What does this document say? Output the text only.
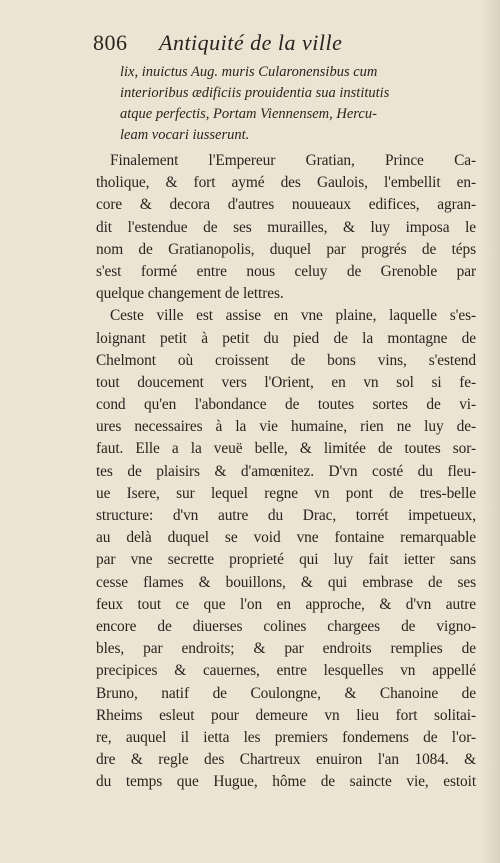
806 Antiquité de la ville
lix, inuictus Aug. muris Cularonensibus cum
interioribus ædificiis prouidentia sua institutis
atque perfectis, Portam Viennensem, Hercu-
leam vocari iusserunt.
Finalement l'Empereur Gratian, Prince Ca-
tholique, & fort aymé des Gaulois, l'embellit en-
core & decora d'autres nouueaux edifices, agran-
dit l'estendue de ses murailles, & luy imposa le
nom de Gratianopolis, duquel par progrés de téps
s'est formé entre nous celuy de Grenoble par
quelque changement de lettres.
Ceste ville est assise en vne plaine, laquelle s'es-
loignant petit à petit du pied de la montagne de
Chelmont où croissent de bons vins, s'estend
tout doucement vers l'Orient, en vn sol si fe-
cond qu'en l'abondance de toutes sortes de vi-
ures necessaires à la vie humaine, rien ne luy de-
faut. Elle a la veuë belle, & limitée de toutes sor-
tes de plaisirs & d'amœnitez. D'vn costé du fleu-
ue Isere, sur lequel regne vn pont de tres-belle
structure: d'vn autre du Drac, torrét impetueux,
au delà duquel se void vne fontaine remarquable
par vne secrette proprieté qui luy fait ietter sans
cesse flames & bouillons, & qui embrase de ses
feux tout ce que l'on en approche, & d'vn autre
encore de diuerses colines chargees de vigno-
bles, par endroits; & par endroits remplies de
precipices & cauernes, entre lesquelles vn appellé
Bruno, natif de Coulongne, & Chanoine de
Rheims esleut pour demeure vn lieu fort solitai-
re, auquel il ietta les premiers fondemens de l'or-
dre & regle des Chartreux enuiron l'an 1084. &
du temps que Hugue, hôme de saincte vie, estoit
